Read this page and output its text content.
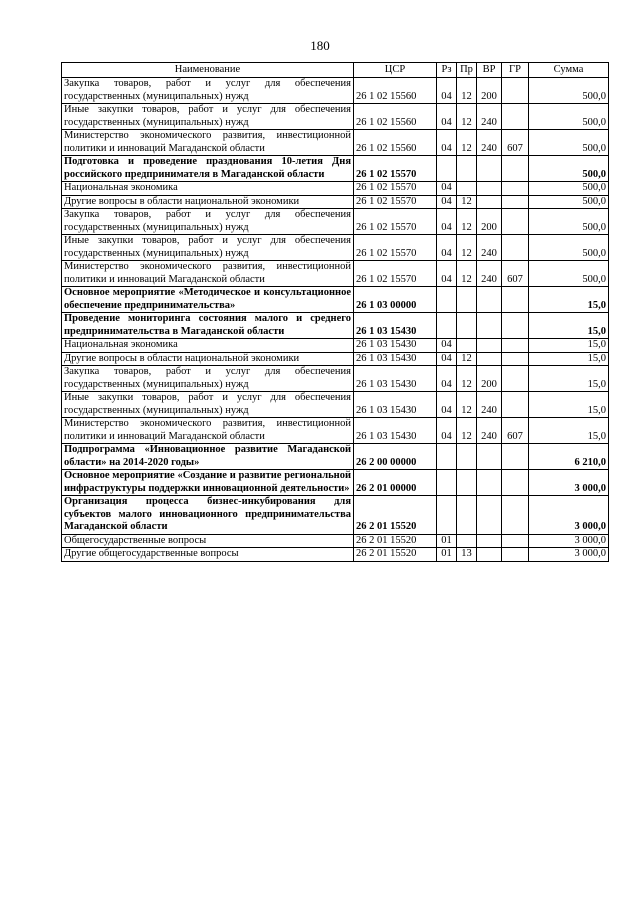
180
Наименование	ЦСР	Рз	Пр	ВР	ГР	Сумма
Закупка товаров, работ и услуг для обеспечения государственных (муниципальных) нужд	26 1 02 15560	04	12	200		500,0
Иные закупки товаров, работ и услуг для обеспечения государственных (муниципальных) нужд	26 1 02 15560	04	12	240		500,0
Министерство экономического развития, инвестиционной политики и инноваций Магаданской области	26 1 02 15560	04	12	240	607	500,0
Подготовка и проведение празднования 10-летия Дня российского предпринимателя в Магаданской области	26 1 02 15570					500,0
Национальная экономика	26 1 02 15570	04				500,0
Другие вопросы в области национальной экономики	26 1 02 15570	04	12			500,0
Закупка товаров, работ и услуг для обеспечения государственных (муниципальных) нужд	26 1 02 15570	04	12	200		500,0
Иные закупки товаров, работ и услуг для обеспечения государственных (муниципальных) нужд	26 1 02 15570	04	12	240		500,0
Министерство экономического развития, инвестиционной политики и инноваций Магаданской области	26 1 02 15570	04	12	240	607	500,0
Основное мероприятие «Методическое и консультационное обеспечение предпринимательства»	26 1 03 00000					15,0
Проведение мониторинга состояния малого и среднего предпринимательства в Магаданской области	26 1 03 15430					15,0
Национальная экономика	26 1 03 15430	04				15,0
Другие вопросы в области национальной экономики	26 1 03 15430	04	12			15,0
Закупка товаров, работ и услуг для обеспечения государственных (муниципальных) нужд	26 1 03 15430	04	12	200		15,0
Иные закупки товаров, работ и услуг для обеспечения государственных (муниципальных) нужд	26 1 03 15430	04	12	240		15,0
Министерство экономического развития, инвестиционной политики и инноваций Магаданской области	26 1 03 15430	04	12	240	607	15,0
Подпрограмма «Инновационное развитие Магаданской области» на 2014-2020 годы»	26 2 00 00000					6 210,0
Основное мероприятие «Создание и развитие региональной инфраструктуры поддержки инновационной деятельности»	26 2 01 00000					3 000,0
Организация процесса бизнес-инкубирования для субъектов малого инновационного предпринимательства Магаданской области	26 2 01 15520					3 000,0
Общегосударственные вопросы	26 2 01 15520	01				3 000,0
Другие общегосударственные вопросы	26 2 01 15520	01	13			3 000,0
